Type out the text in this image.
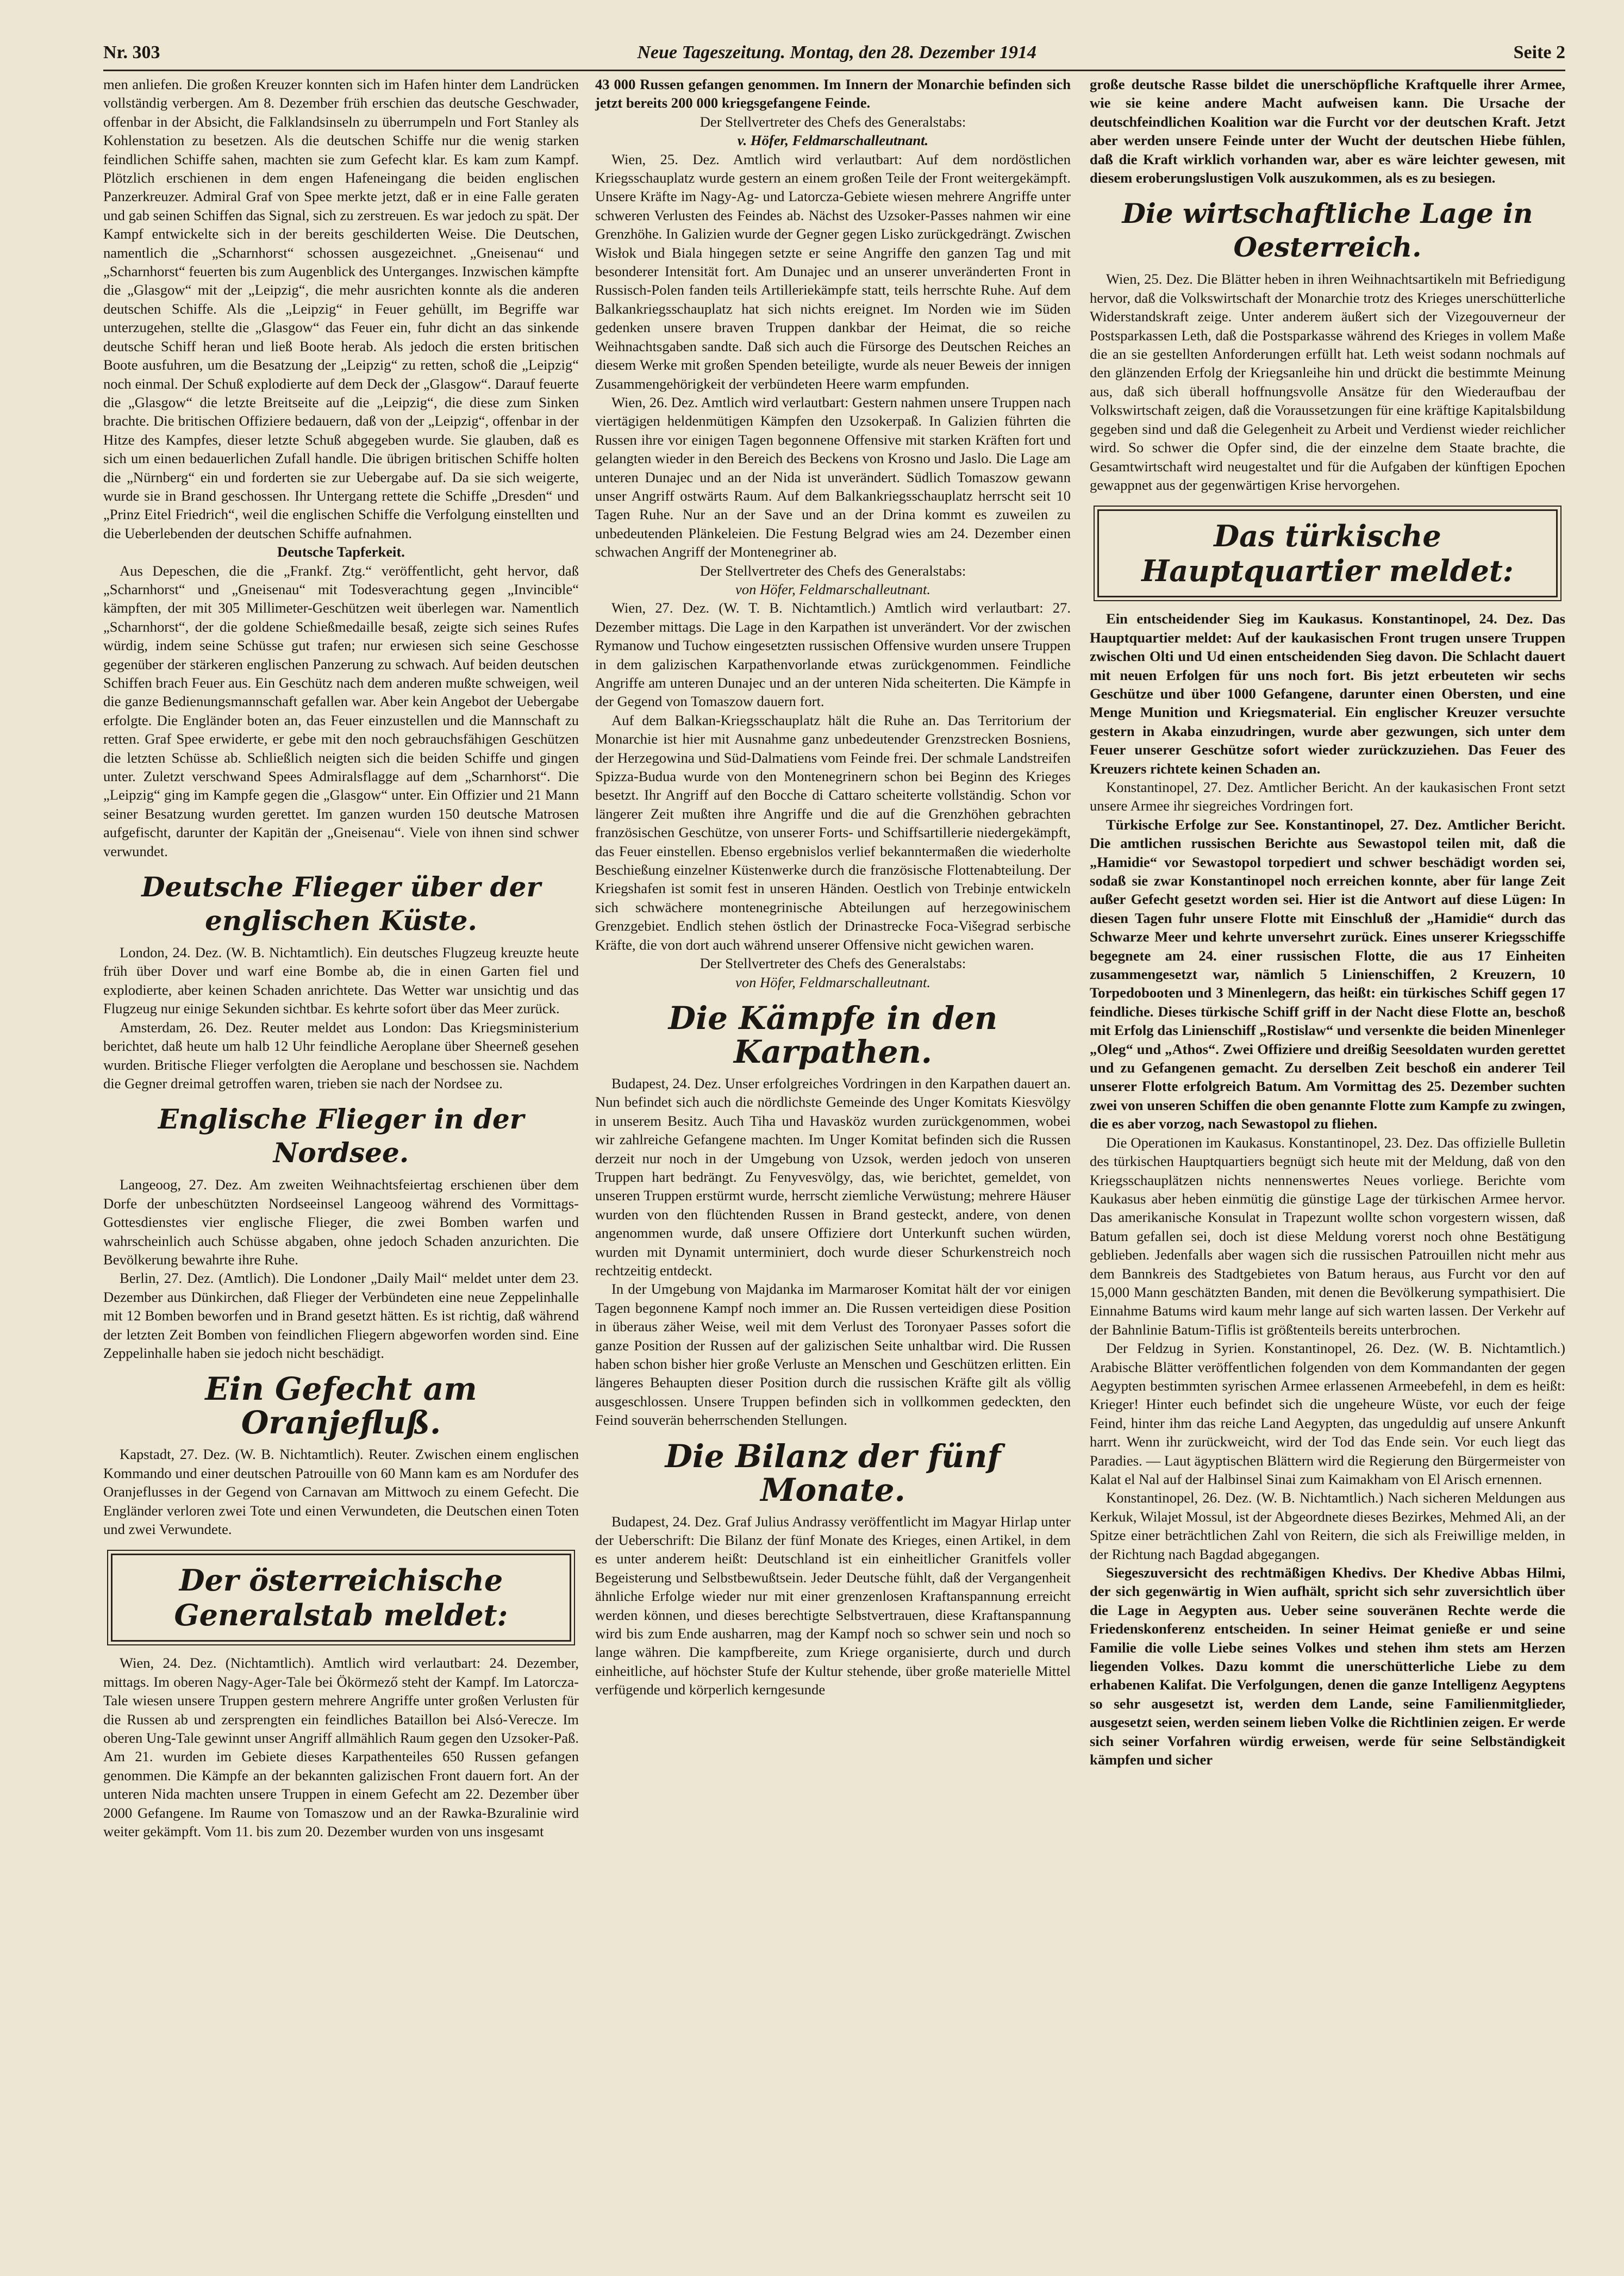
Nr. 303	Neue Tageszeitung. Montag, den 28. Dezember 1914	Seite 2

men anliefen. Die großen Kreuzer konnten sich im Hafen hinter dem Landrücken vollständig verbergen. Am 8. Dezember früh erschien das deutsche Geschwader, offenbar in der Absicht, die Falklandsinseln zu überrumpeln und Fort Stanley als Kohlenstation zu besetzen. Als die deutschen Schiffe nur die wenig starken feindlichen Schiffe sahen, machten sie zum Gefecht klar. Es kam zum Kampf. Plötzlich erschienen in dem engen Hafeneingang die beiden englischen Panzerkreuzer. Admiral Graf von Spee merkte jetzt, daß er in eine Falle geraten und gab seinen Schiffen das Signal, sich zu zerstreuen. Es war jedoch zu spät. Der Kampf entwickelte sich in der bereits geschilderten Weise. Die Deutschen, namentlich die „Scharnhorst“ schossen ausgezeichnet. „Gneisenau“ und „Scharnhorst“ feuerten bis zum Augenblick des Unterganges. Inzwischen kämpfte die „Glasgow“ mit der „Leipzig“, die mehr ausrichten konnte als die anderen deutschen Schiffe. Als die „Leipzig“ in Feuer gehüllt, im Begriffe war unterzugehen, stellte die „Glasgow“ das Feuer ein, fuhr dicht an das sinkende deutsche Schiff heran und ließ Boote herab. Als jedoch die ersten britischen Boote ausfuhren, um die Besatzung der „Leipzig“ zu retten, schoß die „Leipzig“ noch einmal. Der Schuß explodierte auf dem Deck der „Glasgow“. Darauf feuerte die „Glasgow“ die letzte Breitseite auf die „Leipzig“, die diese zum Sinken brachte. Die britischen Offiziere bedauern, daß von der „Leipzig“, offenbar in der Hitze des Kampfes, dieser letzte Schuß abgegeben wurde. Sie glauben, daß es sich um einen bedauerlichen Zufall handle. Die übrigen britischen Schiffe holten die „Nürnberg“ ein und forderten sie zur Uebergabe auf. Da sie sich weigerte, wurde sie in Brand geschossen. Ihr Untergang rettete die Schiffe „Dresden“ und „Prinz Eitel Friedrich“, weil die englischen Schiffe die Verfolgung einstellten und die Ueberlebenden der deutschen Schiffe aufnahmen.

Deutsche Tapferkeit.

Aus Depeschen, die die „Frankf. Ztg.“ veröffentlicht, geht hervor, daß „Scharnhorst“ und „Gneisenau“ mit Todesverachtung gegen „Invincible“ kämpften, der mit 305 Millimeter-Geschützen weit überlegen war. Namentlich „Scharnhorst“, der die goldene Schießmedaille besaß, zeigte sich seines Rufes würdig, indem seine Schüsse gut trafen; nur erwiesen sich seine Geschosse gegenüber der stärkeren englischen Panzerung zu schwach. Auf beiden deutschen Schiffen brach Feuer aus. Ein Geschütz nach dem anderen mußte schweigen, weil die ganze Bedienungsmannschaft gefallen war. Aber kein Angebot der Uebergabe erfolgte. Die Engländer boten an, das Feuer einzustellen und die Mannschaft zu retten. Graf Spee erwiderte, er gebe mit den noch gebrauchsfähigen Geschützen die letzten Schüsse ab. Schließlich neigten sich die beiden Schiffe und gingen unter. Zuletzt verschwand Spees Admiralsflagge auf dem „Scharnhorst“. Die „Leipzig“ ging im Kampfe gegen die „Glasgow“ unter. Ein Offizier und 21 Mann seiner Besatzung wurden gerettet. Im ganzen wurden 150 deutsche Matrosen aufgefischt, darunter der Kapitän der „Gneisenau“. Viele von ihnen sind schwer verwundet.

Deutsche Flieger über der englischen Küste.

London, 24. Dez. (W. B. Nichtamtlich). Ein deutsches Flugzeug kreuzte heute früh über Dover und warf eine Bombe ab, die in einen Garten fiel und explodierte, aber keinen Schaden anrichtete. Das Wetter war unsichtig und das Flugzeug nur einige Sekunden sichtbar. Es kehrte sofort über das Meer zurück.

Amsterdam, 26. Dez. Reuter meldet aus London: Das Kriegsministerium berichtet, daß heute um halb 12 Uhr feindliche Aeroplane über Sheerneß gesehen wurden. Britische Flieger verfolgten die Aeroplane und beschossen sie. Nachdem die Gegner dreimal getroffen waren, trieben sie nach der Nordsee zu.

Englische Flieger in der Nordsee.

Langeoog, 27. Dez. Am zweiten Weihnachtsfeiertag erschienen über dem Dorfe der unbeschützten Nordseeinsel Langeoog während des Vormittags-Gottesdienstes vier englische Flieger, die zwei Bomben warfen und wahrscheinlich auch Schüsse abgaben, ohne jedoch Schaden anzurichten. Die Bevölkerung bewahrte ihre Ruhe.

Berlin, 27. Dez. (Amtlich). Die Londoner „Daily Mail“ meldet unter dem 23. Dezember aus Dünkirchen, daß Flieger der Verbündeten eine neue Zeppelinhalle mit 12 Bomben beworfen und in Brand gesetzt hätten. Es ist richtig, daß während der letzten Zeit Bomben von feindlichen Fliegern abgeworfen worden sind. Eine Zeppelinhalle haben sie jedoch nicht beschädigt.

Ein Gefecht am Oranjefluß.

Kapstadt, 27. Dez. (W. B. Nichtamtlich). Reuter. Zwischen einem englischen Kommando und einer deutschen Patrouille von 60 Mann kam es am Nordufer des Oranjeflusses in der Gegend von Carnavan am Mittwoch zu einem Gefecht. Die Engländer verloren zwei Tote und einen Verwundeten, die Deutschen einen Toten und zwei Verwundete.

Der österreichische Generalstab meldet:

Wien, 24. Dez. (Nichtamtlich). Amtlich wird verlautbart: 24. Dezember, mittags. Im oberen Nagy-Ager-Tale bei Ökörmező steht der Kampf. Im Latorcza-Tale wiesen unsere Truppen gestern mehrere Angriffe unter großen Verlusten für die Russen ab und zersprengten ein feindliches Bataillon bei Alsó-Verecze. Im oberen Ung-Tale gewinnt unser Angriff allmählich Raum gegen den Uzsoker-Paß. Am 21. wurden im Gebiete dieses Karpathenteiles 650 Russen gefangen genommen. Die Kämpfe an der bekannten galizischen Front dauern fort. An der unteren Nida machten unsere Truppen in einem Gefecht am 22. Dezember über 2000 Gefangene. Im Raume von Tomaszow und an der Rawka-Bzuralinie wird weiter gekämpft. Vom 11. bis zum 20. Dezember wurden von uns insgesamt

43 000 Russen gefangen genommen. Im Innern der Monarchie befinden sich jetzt bereits 200 000 kriegsgefangene Feinde.

Der Stellvertreter des Chefs des Generalstabs:

v. Höfer, Feldmarschalleutnant.

Wien, 25. Dez. Amtlich wird verlautbart: Auf dem nordöstlichen Kriegsschauplatz wurde gestern an einem großen Teile der Front weitergekämpft. Unsere Kräfte im Nagy-Ag- und Latorcza-Gebiete wiesen mehrere Angriffe unter schweren Verlusten des Feindes ab. Nächst des Uzsoker-Passes nahmen wir eine Grenzhöhe. In Galizien wurde der Gegner gegen Lisko zurückgedrängt. Zwischen Wisłok und Biala hingegen setzte er seine Angriffe den ganzen Tag und mit besonderer Intensität fort. Am Dunajec und an unserer unveränderten Front in Russisch-Polen fanden teils Artilleriekämpfe statt, teils herrschte Ruhe. Auf dem Balkankriegsschauplatz hat sich nichts ereignet. Im Norden wie im Süden gedenken unsere braven Truppen dankbar der Heimat, die so reiche Weihnachtsgaben sandte. Daß sich auch die Fürsorge des Deutschen Reiches an diesem Werke mit großen Spenden beteiligte, wurde als neuer Beweis der innigen Zusammengehörigkeit der verbündeten Heere warm empfunden.

Wien, 26. Dez. Amtlich wird verlautbart: Gestern nahmen unsere Truppen nach viertägigen heldenmütigen Kämpfen den Uzsokerpaß. In Galizien führten die Russen ihre vor einigen Tagen begonnene Offensive mit starken Kräften fort und gelangten wieder in den Bereich des Beckens von Krosno und Jaslo. Die Lage am unteren Dunajec und an der Nida ist unverändert. Südlich Tomaszow gewann unser Angriff ostwärts Raum. Auf dem Balkankriegsschauplatz herrscht seit 10 Tagen Ruhe. Nur an der Save und an der Drina kommt es zuweilen zu unbedeutenden Plänkeleien. Die Festung Belgrad wies am 24. Dezember einen schwachen Angriff der Montenegriner ab.

Der Stellvertreter des Chefs des Generalstabs:

von Höfer, Feldmarschalleutnant.

Wien, 27. Dez. (W. T. B. Nichtamtlich.) Amtlich wird verlautbart: 27. Dezember mittags. Die Lage in den Karpathen ist unverändert. Vor der zwischen Rymanow und Tuchow eingesetzten russischen Offensive wurden unsere Truppen in dem galizischen Karpathenvorlande etwas zurückgenommen. Feindliche Angriffe am unteren Dunajec und an der unteren Nida scheiterten. Die Kämpfe in der Gegend von Tomaszow dauern fort.

Auf dem Balkan-Kriegsschauplatz hält die Ruhe an. Das Territorium der Monarchie ist hier mit Ausnahme ganz unbedeutender Grenzstrecken Bosniens, der Herzegowina und Süd-Dalmatiens vom Feinde frei. Der schmale Landstreifen Spizza-Budua wurde von den Montenegrinern schon bei Beginn des Krieges besetzt. Ihr Angriff auf den Bocche di Cattaro scheiterte vollständig. Schon vor längerer Zeit mußten ihre Angriffe und die auf die Grenzhöhen gebrachten französischen Geschütze, von unserer Forts- und Schiffsartillerie niedergekämpft, das Feuer einstellen. Ebenso ergebnislos verlief bekanntermaßen die wiederholte Beschießung einzelner Küstenwerke durch die französische Flottenabteilung. Der Kriegshafen ist somit fest in unseren Händen. Oestlich von Trebinje entwickeln sich schwächere montenegrinische Abteilungen auf herzegowinischem Grenzgebiet. Endlich stehen östlich der Drinastrecke Foca-Višegrad serbische Kräfte, die von dort auch während unserer Offensive nicht gewichen waren.

Der Stellvertreter des Chefs des Generalstabs:

von Höfer, Feldmarschalleutnant.

Die Kämpfe in den Karpathen.

Budapest, 24. Dez. Unser erfolgreiches Vordringen in den Karpathen dauert an. Nun befindet sich auch die nördlichste Gemeinde des Unger Komitats Kiesvölgy in unserem Besitz. Auch Tiha und Havasköz wurden zurückgenommen, wobei wir zahlreiche Gefangene machten. Im Unger Komitat befinden sich die Russen derzeit nur noch in der Umgebung von Uzsok, werden jedoch von unseren Truppen hart bedrängt. Zu Fenyvesvölgy, das, wie berichtet, gemeldet, von unseren Truppen erstürmt wurde, herrscht ziemliche Verwüstung; mehrere Häuser wurden von den flüchtenden Russen in Brand gesteckt, andere, von denen angenommen wurde, daß unsere Offiziere dort Unterkunft suchen würden, wurden mit Dynamit unterminiert, doch wurde dieser Schurkenstreich noch rechtzeitig entdeckt.

In der Umgebung von Majdanka im Marmaroser Komitat hält der vor einigen Tagen begonnene Kampf noch immer an. Die Russen verteidigen diese Position in überaus zäher Weise, weil mit dem Verlust des Toronyaer Passes sofort die ganze Position der Russen auf der galizischen Seite unhaltbar wird. Die Russen haben schon bisher hier große Verluste an Menschen und Geschützen erlitten. Ein längeres Behaupten dieser Position durch die russischen Kräfte gilt als völlig ausgeschlossen. Unsere Truppen befinden sich in vollkommen gedeckten, den Feind souverän beherrschenden Stellungen.

Die Bilanz der fünf Monate.

Budapest, 24. Dez. Graf Julius Andrassy veröffentlicht im Magyar Hirlap unter der Ueberschrift: Die Bilanz der fünf Monate des Krieges, einen Artikel, in dem es unter anderem heißt: Deutschland ist ein einheitlicher Granitfels voller Begeisterung und Selbstbewußtsein. Jeder Deutsche fühlt, daß der Vergangenheit ähnliche Erfolge wieder nur mit einer grenzenlosen Kraftanspannung erreicht werden können, und dieses berechtigte Selbstvertrauen, diese Kraftanspannung wird bis zum Ende ausharren, mag der Kampf noch so schwer sein und noch so lange währen. Die kampfbereite, zum Kriege organisierte, durch und durch einheitliche, auf höchster Stufe der Kultur stehende, über große materielle Mittel verfügende und körperlich kerngesunde

große deutsche Rasse bildet die unerschöpfliche Kraftquelle ihrer Armee, wie sie keine andere Macht aufweisen kann. Die Ursache der deutschfeindlichen Koalition war die Furcht vor der deutschen Kraft. Jetzt aber werden unsere Feinde unter der Wucht der deutschen Hiebe fühlen, daß die Kraft wirklich vorhanden war, aber es wäre leichter gewesen, mit diesem eroberungslustigen Volk auszukommen, als es zu besiegen.

Die wirtschaftliche Lage in Oesterreich.

Wien, 25. Dez. Die Blätter heben in ihren Weihnachtsartikeln mit Befriedigung hervor, daß die Volkswirtschaft der Monarchie trotz des Krieges unerschütterliche Widerstandskraft zeige. Unter anderem äußert sich der Vizegouverneur der Postsparkassen Leth, daß die Postsparkasse während des Krieges in vollem Maße die an sie gestellten Anforderungen erfüllt hat. Leth weist sodann nochmals auf den glänzenden Erfolg der Kriegsanleihe hin und drückt die bestimmte Meinung aus, daß sich überall hoffnungsvolle Ansätze für den Wiederaufbau der Volkswirtschaft zeigen, daß die Voraussetzungen für eine kräftige Kapitalsbildung gegeben sind und daß die Gelegenheit zu Arbeit und Verdienst wieder reichlicher wird. So schwer die Opfer sind, die der einzelne dem Staate brachte, die Gesamtwirtschaft wird neugestaltet und für die Aufgaben der künftigen Epochen gewappnet aus der gegenwärtigen Krise hervorgehen.

Das türkische Hauptquartier meldet:

Ein entscheidender Sieg im Kaukasus. Konstantinopel, 24. Dez. Das Hauptquartier meldet: Auf der kaukasischen Front trugen unsere Truppen zwischen Olti und Ud einen entscheidenden Sieg davon. Die Schlacht dauert mit neuen Erfolgen für uns noch fort. Bis jetzt erbeuteten wir sechs Geschütze und über 1000 Gefangene, darunter einen Obersten, und eine Menge Munition und Kriegsmaterial. Ein englischer Kreuzer versuchte gestern in Akaba einzudringen, wurde aber gezwungen, sich unter dem Feuer unserer Geschütze sofort wieder zurückzuziehen. Das Feuer des Kreuzers richtete keinen Schaden an.

Konstantinopel, 27. Dez. Amtlicher Bericht. An der kaukasischen Front setzt unsere Armee ihr siegreiches Vordringen fort.

Türkische Erfolge zur See. Konstantinopel, 27. Dez. Amtlicher Bericht. Die amtlichen russischen Berichte aus Sewastopol teilen mit, daß die „Hamidie“ vor Sewastopol torpediert und schwer beschädigt worden sei, sodaß sie zwar Konstantinopel noch erreichen konnte, aber für lange Zeit außer Gefecht gesetzt worden sei. Hier ist die Antwort auf diese Lügen: In diesen Tagen fuhr unsere Flotte mit Einschluß der „Hamidie“ durch das Schwarze Meer und kehrte unversehrt zurück. Eines unserer Kriegsschiffe begegnete am 24. einer russischen Flotte, die aus 17 Einheiten zusammengesetzt war, nämlich 5 Linienschiffen, 2 Kreuzern, 10 Torpedobooten und 3 Minenlegern, das heißt: ein türkisches Schiff gegen 17 feindliche. Dieses türkische Schiff griff in der Nacht diese Flotte an, beschoß mit Erfolg das Linienschiff „Rostislaw“ und versenkte die beiden Minenleger „Oleg“ und „Athos“. Zwei Offiziere und dreißig Seesoldaten wurden gerettet und zu Gefangenen gemacht. Zu derselben Zeit beschoß ein anderer Teil unserer Flotte erfolgreich Batum. Am Vormittag des 25. Dezember suchten zwei von unseren Schiffen die oben genannte Flotte zum Kampfe zu zwingen, die es aber vorzog, nach Sewastopol zu fliehen.

Die Operationen im Kaukasus. Konstantinopel, 23. Dez. Das offizielle Bulletin des türkischen Hauptquartiers begnügt sich heute mit der Meldung, daß von den Kriegsschauplätzen nichts nennenswertes Neues vorliege. Berichte vom Kaukasus aber heben einmütig die günstige Lage der türkischen Armee hervor. Das amerikanische Konsulat in Trapezunt wollte schon vorgestern wissen, daß Batum gefallen sei, doch ist diese Meldung vorerst noch ohne Bestätigung geblieben. Jedenfalls aber wagen sich die russischen Patrouillen nicht mehr aus dem Bannkreis des Stadtgebietes von Batum heraus, aus Furcht vor den auf 15,000 Mann geschätzten Banden, mit denen die Bevölkerung sympathisiert. Die Einnahme Batums wird kaum mehr lange auf sich warten lassen. Der Verkehr auf der Bahnlinie Batum-Tiflis ist größtenteils bereits unterbrochen.

Der Feldzug in Syrien. Konstantinopel, 26. Dez. (W. B. Nichtamtlich.) Arabische Blätter veröffentlichen folgenden von dem Kommandanten der gegen Aegypten bestimmten syrischen Armee erlassenen Armeebefehl, in dem es heißt: Krieger! Hinter euch befindet sich die ungeheure Wüste, vor euch der feige Feind, hinter ihm das reiche Land Aegypten, das ungeduldig auf unsere Ankunft harrt. Wenn ihr zurückweicht, wird der Tod das Ende sein. Vor euch liegt das Paradies. — Laut ägyptischen Blättern wird die Regierung den Bürgermeister von Kalat el Nal auf der Halbinsel Sinai zum Kaimakham von El Arisch ernennen.

Konstantinopel, 26. Dez. (W. B. Nichtamtlich.) Nach sicheren Meldungen aus Kerkuk, Wilajet Mossul, ist der Abgeordnete dieses Bezirkes, Mehmed Ali, an der Spitze einer beträchtlichen Zahl von Reitern, die sich als Freiwillige melden, in der Richtung nach Bagdad abgegangen.

Siegeszuversicht des rechtmäßigen Khedivs. Der Khedive Abbas Hilmi, der sich gegenwärtig in Wien aufhält, spricht sich sehr zuversichtlich über die Lage in Aegypten aus. Ueber seine souveränen Rechte werde die Friedenskonferenz entscheiden. In seiner Heimat genieße er und seine Familie die volle Liebe seines Volkes und stehen ihm stets am Herzen liegenden Volkes. Dazu kommt die unerschütterliche Liebe zu dem erhabenen Kalifat. Die Verfolgungen, denen die ganze Intelligenz Aegyptens so sehr ausgesetzt ist, werden dem Lande, seine Familienmitglieder, ausgesetzt seien, werden seinem lieben Volke die Richtlinien zeigen. Er werde sich seiner Vorfahren würdig erweisen, werde für seine Selbständigkeit kämpfen und sicher
